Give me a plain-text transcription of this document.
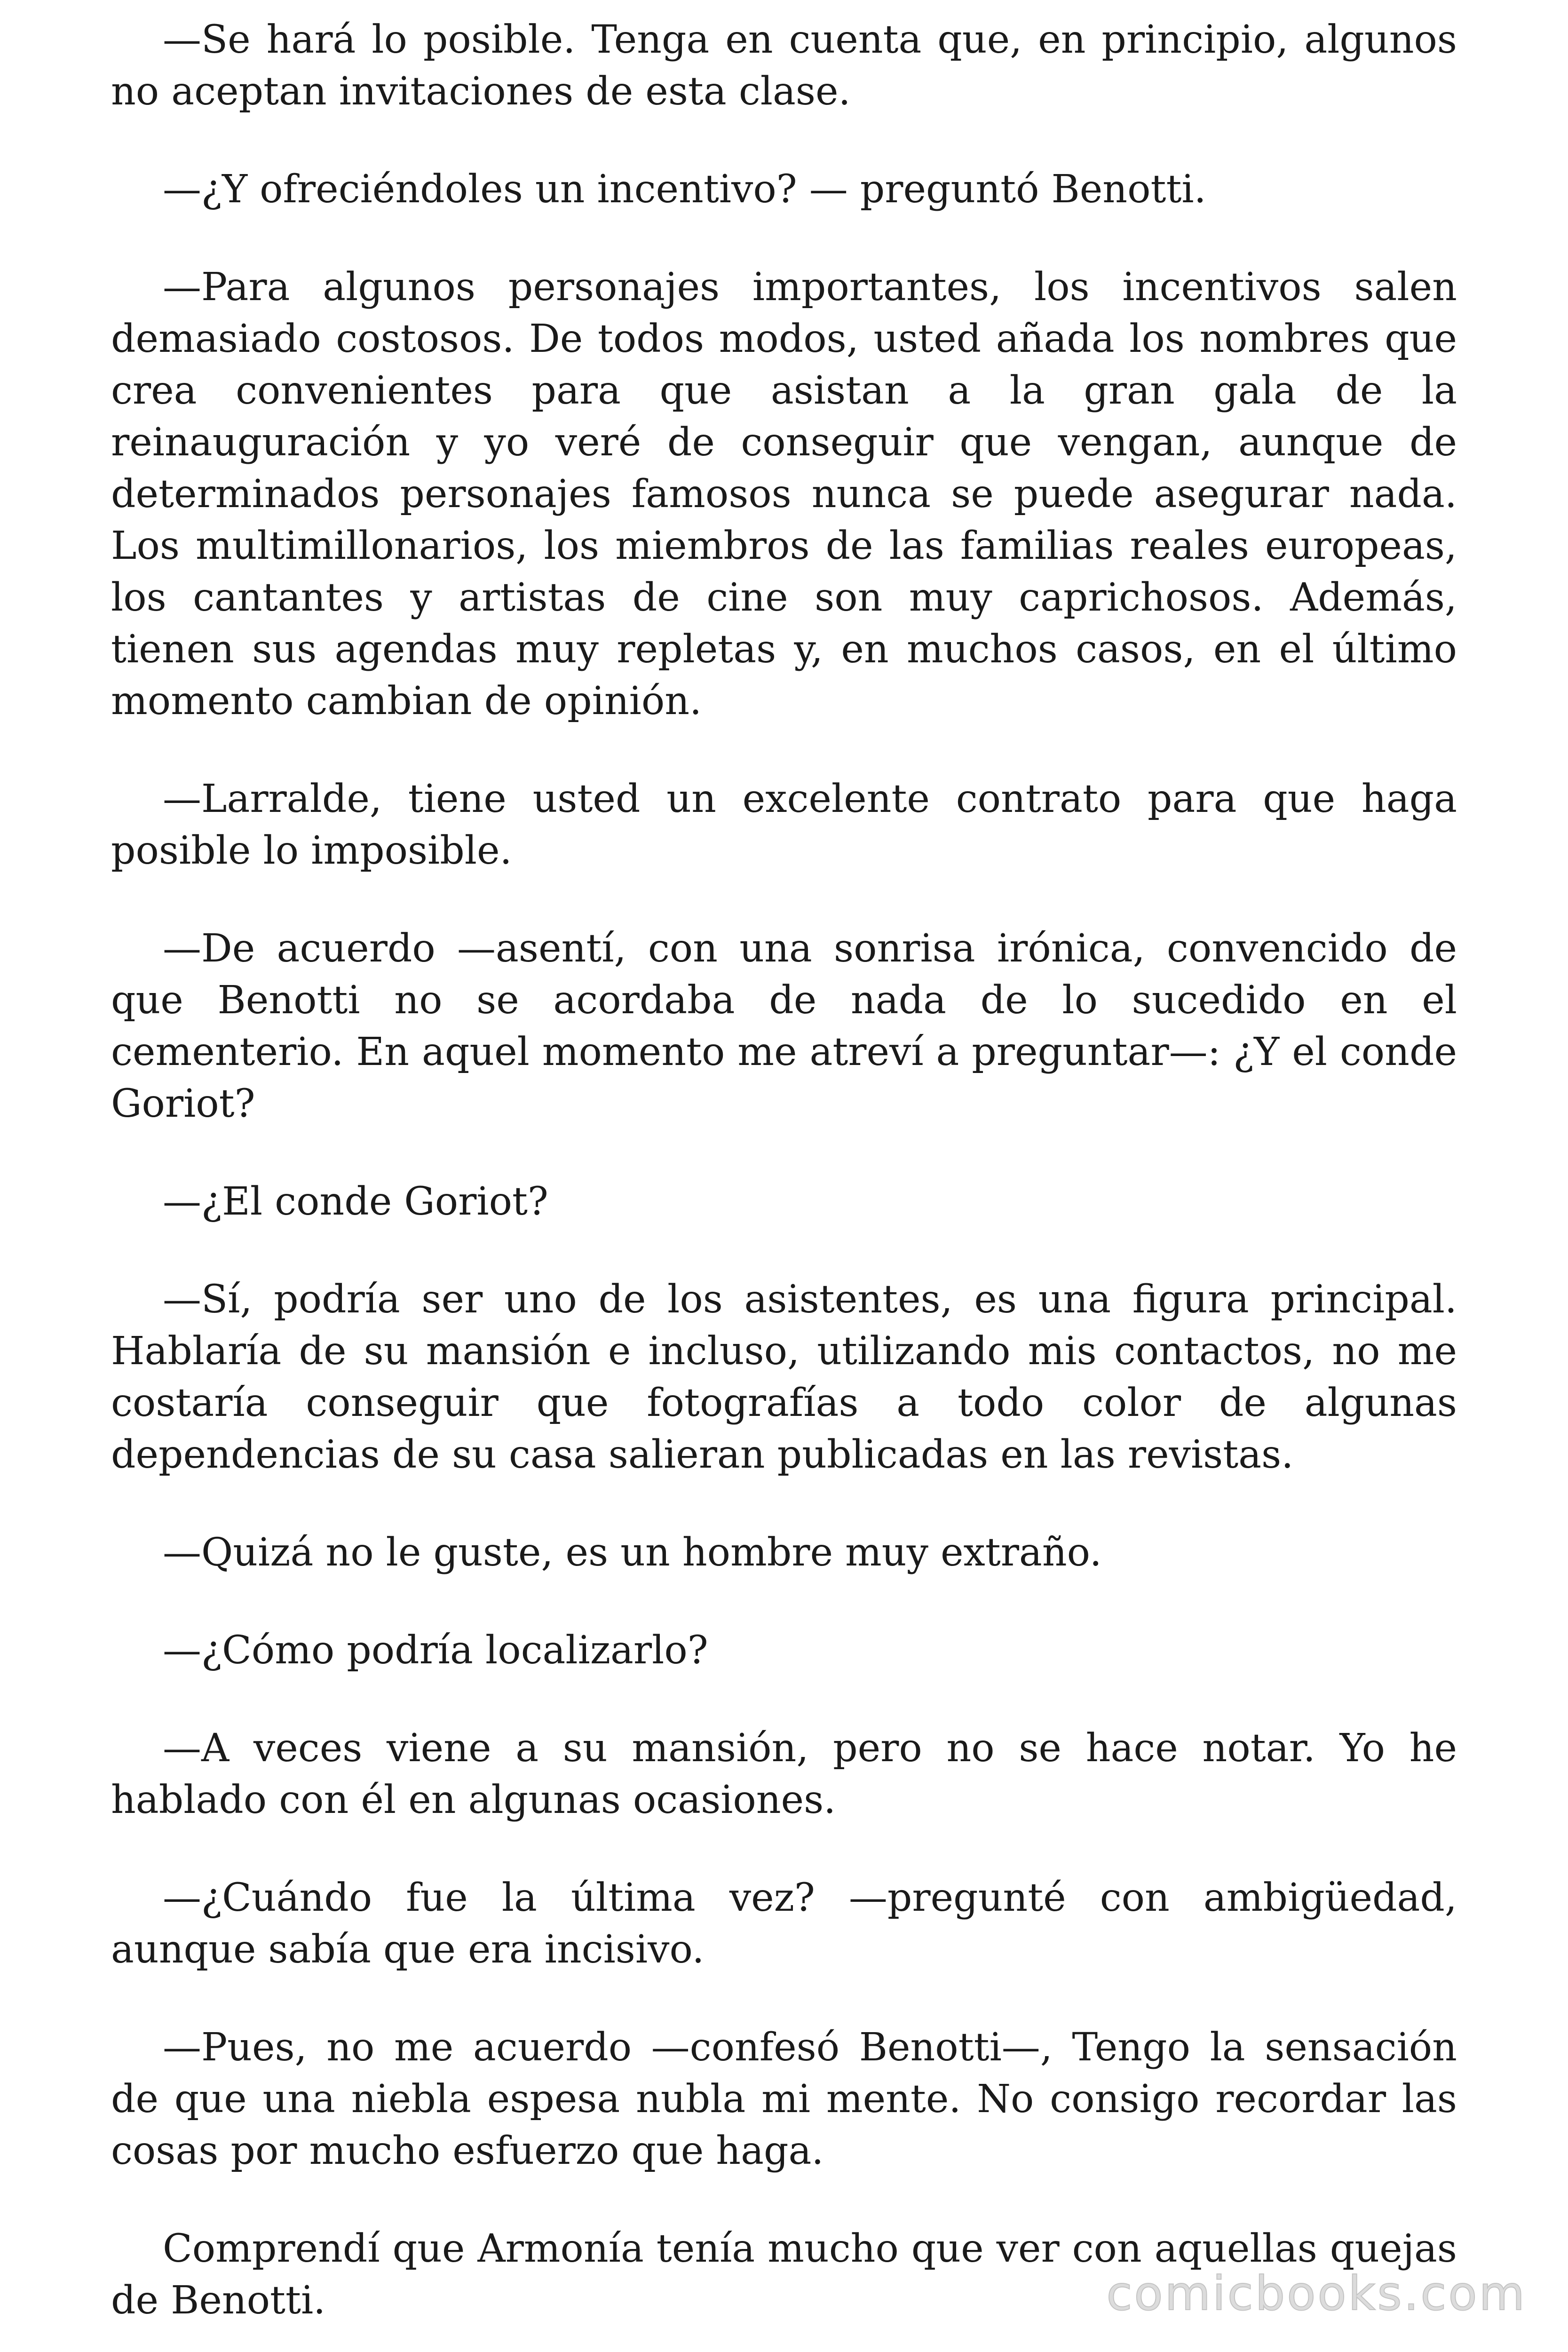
—Se hará lo posible. Tenga en cuenta que, en principio, algunos no aceptan invitaciones de esta clase.

—¿Y ofreciéndoles un incentivo? — preguntó Benotti.

—Para algunos personajes importantes, los incentivos salen demasiado costosos. De todos modos, usted añada los nombres que crea convenientes para que asistan a la gran gala de la reinauguración y yo veré de conseguir que vengan, aunque de determinados personajes famosos nunca se puede asegurar nada. Los multimillonarios, los miembros de las familias reales europeas, los cantantes y artistas de cine son muy caprichosos. Además, tienen sus agendas muy repletas y, en muchos casos, en el último momento cambian de opinión.

—Larralde, tiene usted un excelente contrato para que haga posible lo imposible.

—De acuerdo —asentí, con una sonrisa irónica, convencido de que Benotti no se acordaba de nada de lo sucedido en el cementerio. En aquel momento me atreví a preguntar—: ¿Y el conde Goriot?

—¿El conde Goriot?

—Sí, podría ser uno de los asistentes, es una figura principal. Hablaría de su mansión e incluso, utilizando mis contactos, no me costaría conseguir que fotografías a todo color de algunas dependencias de su casa salieran publicadas en las revistas.

—Quizá no le guste, es un hombre muy extraño.

—¿Cómo podría localizarlo?

—A veces viene a su mansión, pero no se hace notar. Yo he hablado con él en algunas ocasiones.

—¿Cuándo fue la última vez? —pregunté con ambigüedad, aunque sabía que era incisivo.

—Pues, no me acuerdo —confesó Benotti—, Tengo la sensación de que una niebla espesa nubla mi mente. No consigo recordar las cosas por mucho esfuerzo que haga.

Comprendí que Armonía tenía mucho que ver con aquellas quejas de Benotti.	comicbooks.com
